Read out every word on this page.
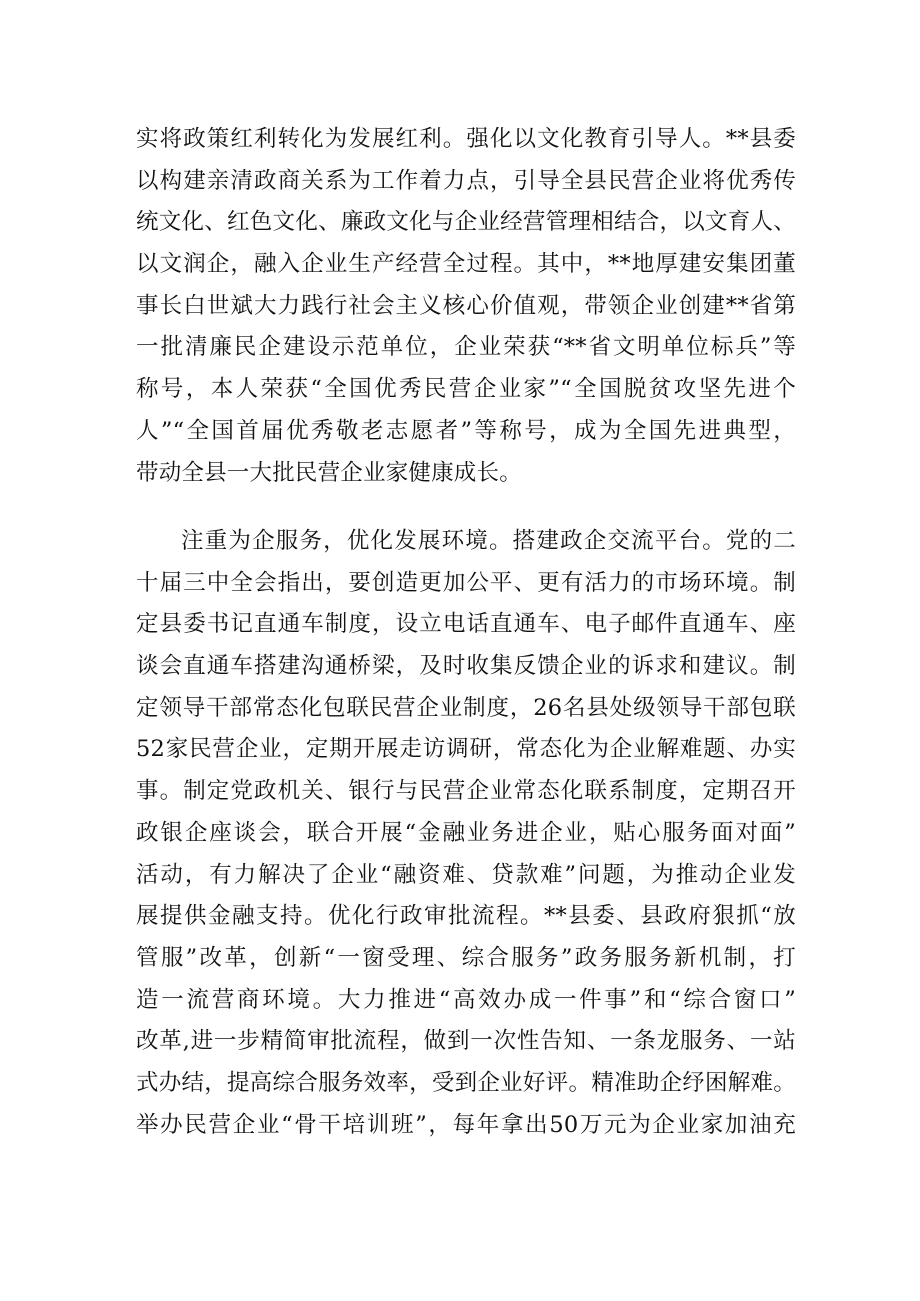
实将政策红利转化为发展红利。强化以文化教育引导人。**县委
以构建亲清政商关系为工作着力点，引导全县民营企业将优秀传
统文化、红色文化、廉政文化与企业经营管理相结合，以文育人、
以文润企，融入企业生产经营全过程。其中，**地厚建安集团董
事长白世斌大力践行社会主义核心价值观，带领企业创建**省第
一批清廉民企建设示范单位，企业荣获“**省文明单位标兵”等
称号，本人荣获“全国优秀民营企业家”“全国脱贫攻坚先进个
人”“全国首届优秀敬老志愿者”等称号，成为全国先进典型，
带动全县一大批民营企业家健康成长。
注重为企服务，优化发展环境。搭建政企交流平台。党的二
十届三中全会指出，要创造更加公平、更有活力的市场环境。制
定县委书记直通车制度，设立电话直通车、电子邮件直通车、座
谈会直通车搭建沟通桥梁，及时收集反馈企业的诉求和建议。制
定领导干部常态化包联民营企业制度，26名县处级领导干部包联
52家民营企业，定期开展走访调研，常态化为企业解难题、办实
事。制定党政机关、银行与民营企业常态化联系制度，定期召开
政银企座谈会，联合开展“金融业务进企业，贴心服务面对面”
活动，有力解决了企业“融资难、贷款难”问题，为推动企业发
展提供金融支持。优化行政审批流程。**县委、县政府狠抓“放
管服”改革，创新“一窗受理、综合服务”政务服务新机制，打
造一流营商环境。大力推进“高效办成一件事”和“综合窗口”
改革,进一步精简审批流程，做到一次性告知、一条龙服务、一站
式办结，提高综合服务效率，受到企业好评。精准助企纾困解难。
举办民营企业“骨干培训班”，每年拿出50万元为企业家加油充
